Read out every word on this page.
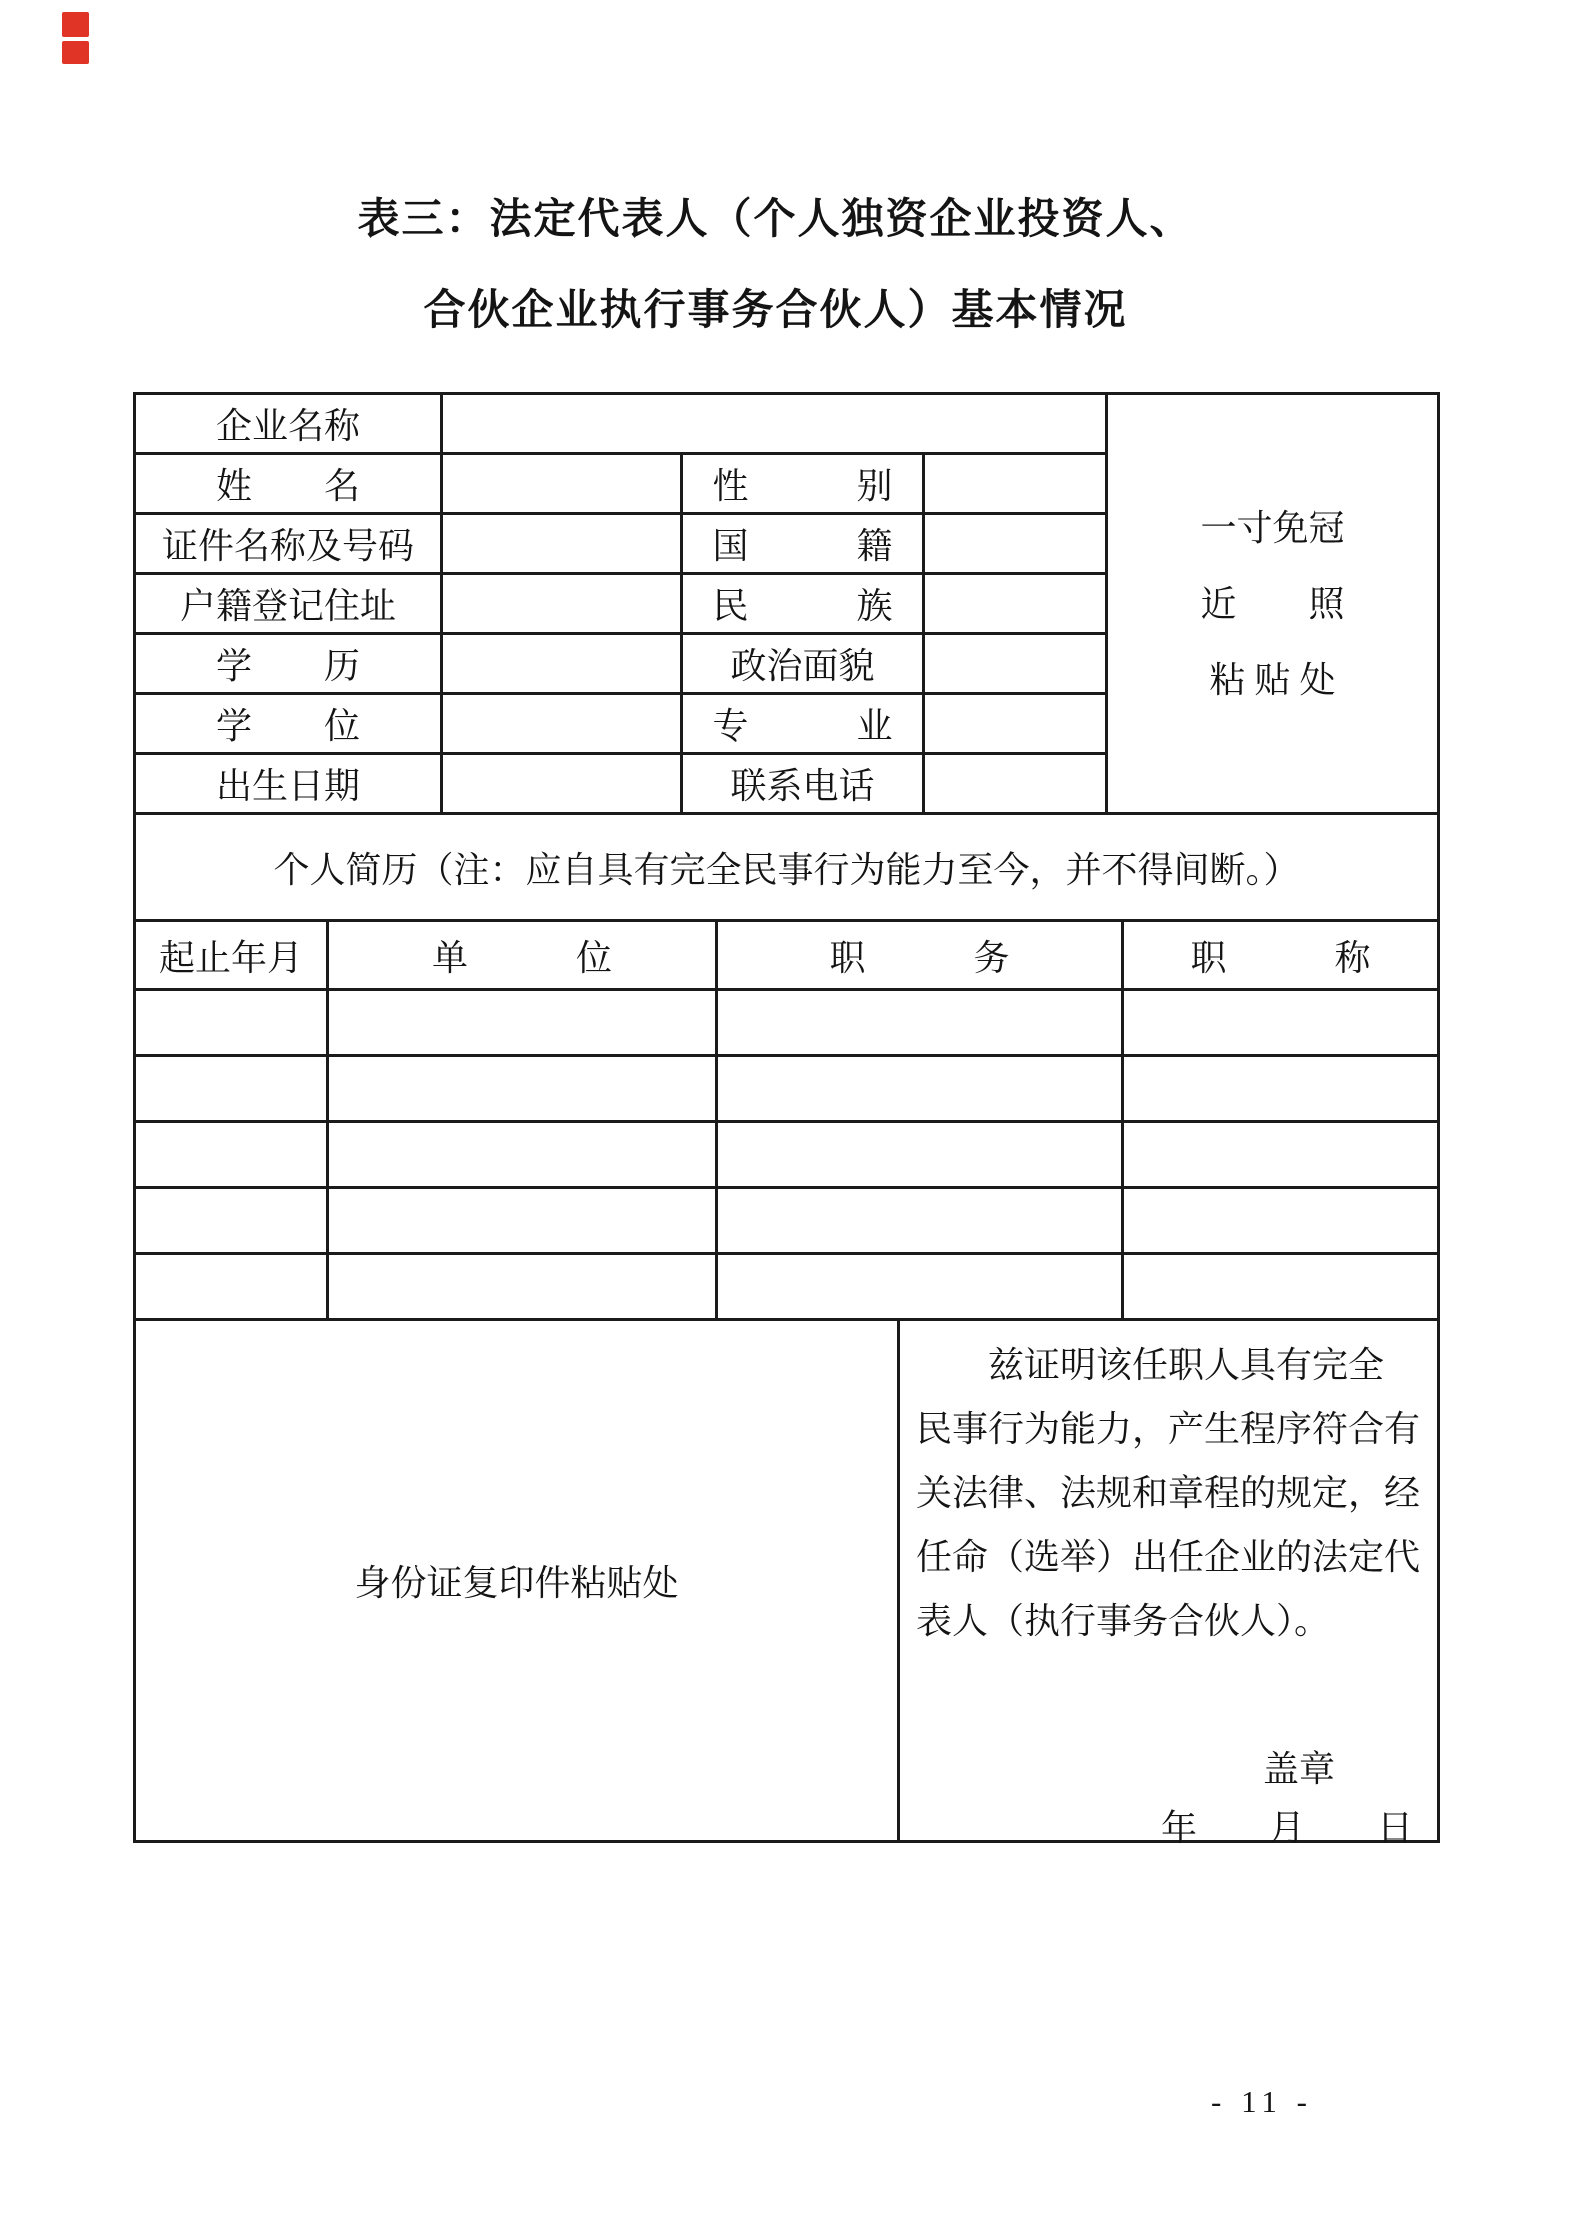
表三：法定代表人（个人独资企业投资人、
合伙企业执行事务合伙人）基本情况
企业名称
一寸免冠
近　　照
粘 贴 处
姓　　名	性　　　别
证件名称及号码	国　　　籍
户籍登记住址	民　　　族
学　　历	政治面貌
学　　位	专　　　业
出生日期	联系电话
个人简历（注：应自具有完全民事行为能力至今，并不得间断。）
起止年月	单　　　位	职　　　务	职　　　称
身份证复印件粘贴处
　　兹证明该任职人具有完全
民事行为能力，产生程序符合有
关法律、法规和章程的规定，经
任命（选举）出任企业的法定代
表人（执行事务合伙人）。
盖章
年　　月　　日
- 11 -
